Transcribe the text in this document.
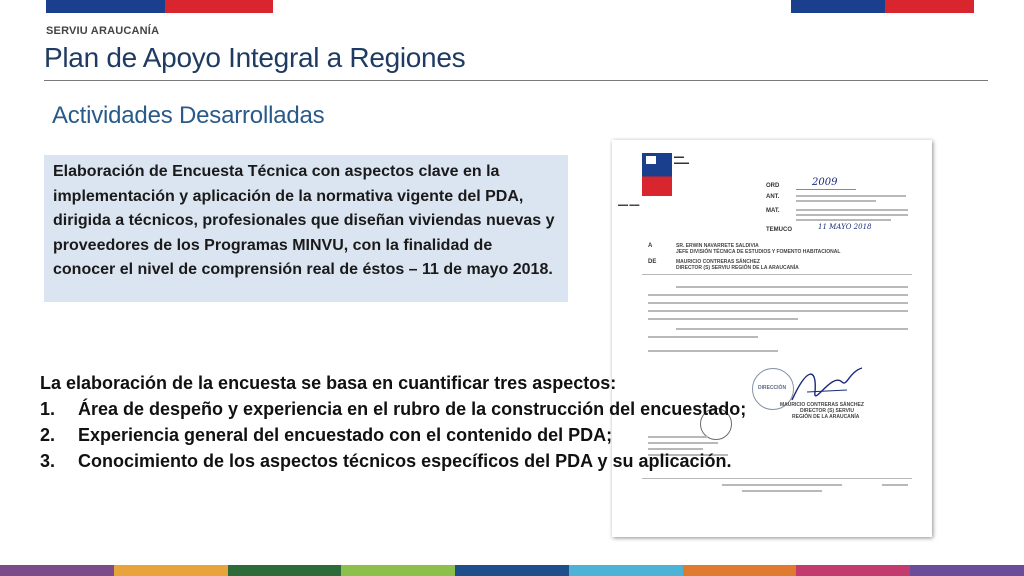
SERVIU ARAUCANÍA
Plan de Apoyo Integral a Regiones
Actividades Desarrolladas
Elaboración de Encuesta Técnica con aspectos clave en la implementación y aplicación de la normativa vigente del PDA, dirigida a técnicos, profesionales que diseñan viviendas nuevas y proveedores de los Programas MINVU, con la finalidad de conocer el nivel de comprensión real de éstos – 11 de mayo 2018.
▬▬
▬▬▬
▬▬ ▬▬
ORD	2009
ANT.
MAT.
TEMUCO	11 MAYO 2018
A	SR. ERWIN NAVARRETE SALDIVIA
JEFE DIVISIÓN TÉCNICA DE ESTUDIOS Y FOMENTO HABITACIONAL
DE	MAURICIO CONTRERAS SÁNCHEZ
DIRECTOR (S) SERVIU REGIÓN DE LA ARAUCANÍA
DIRECCIÓN
MAURICIO CONTRERAS SÁNCHEZ
DIRECTOR (S) SERVIU
REGIÓN DE LA ARAUCANÍA
La elaboración de la encuesta se basa en cuantificar tres aspectos:
1.	Área de despeño y experiencia en el rubro de la construcción del encuestado;
2.	Experiencia general del encuestado con el contenido del PDA;
3.	Conocimiento de los aspectos técnicos específicos del PDA y su aplicación.
